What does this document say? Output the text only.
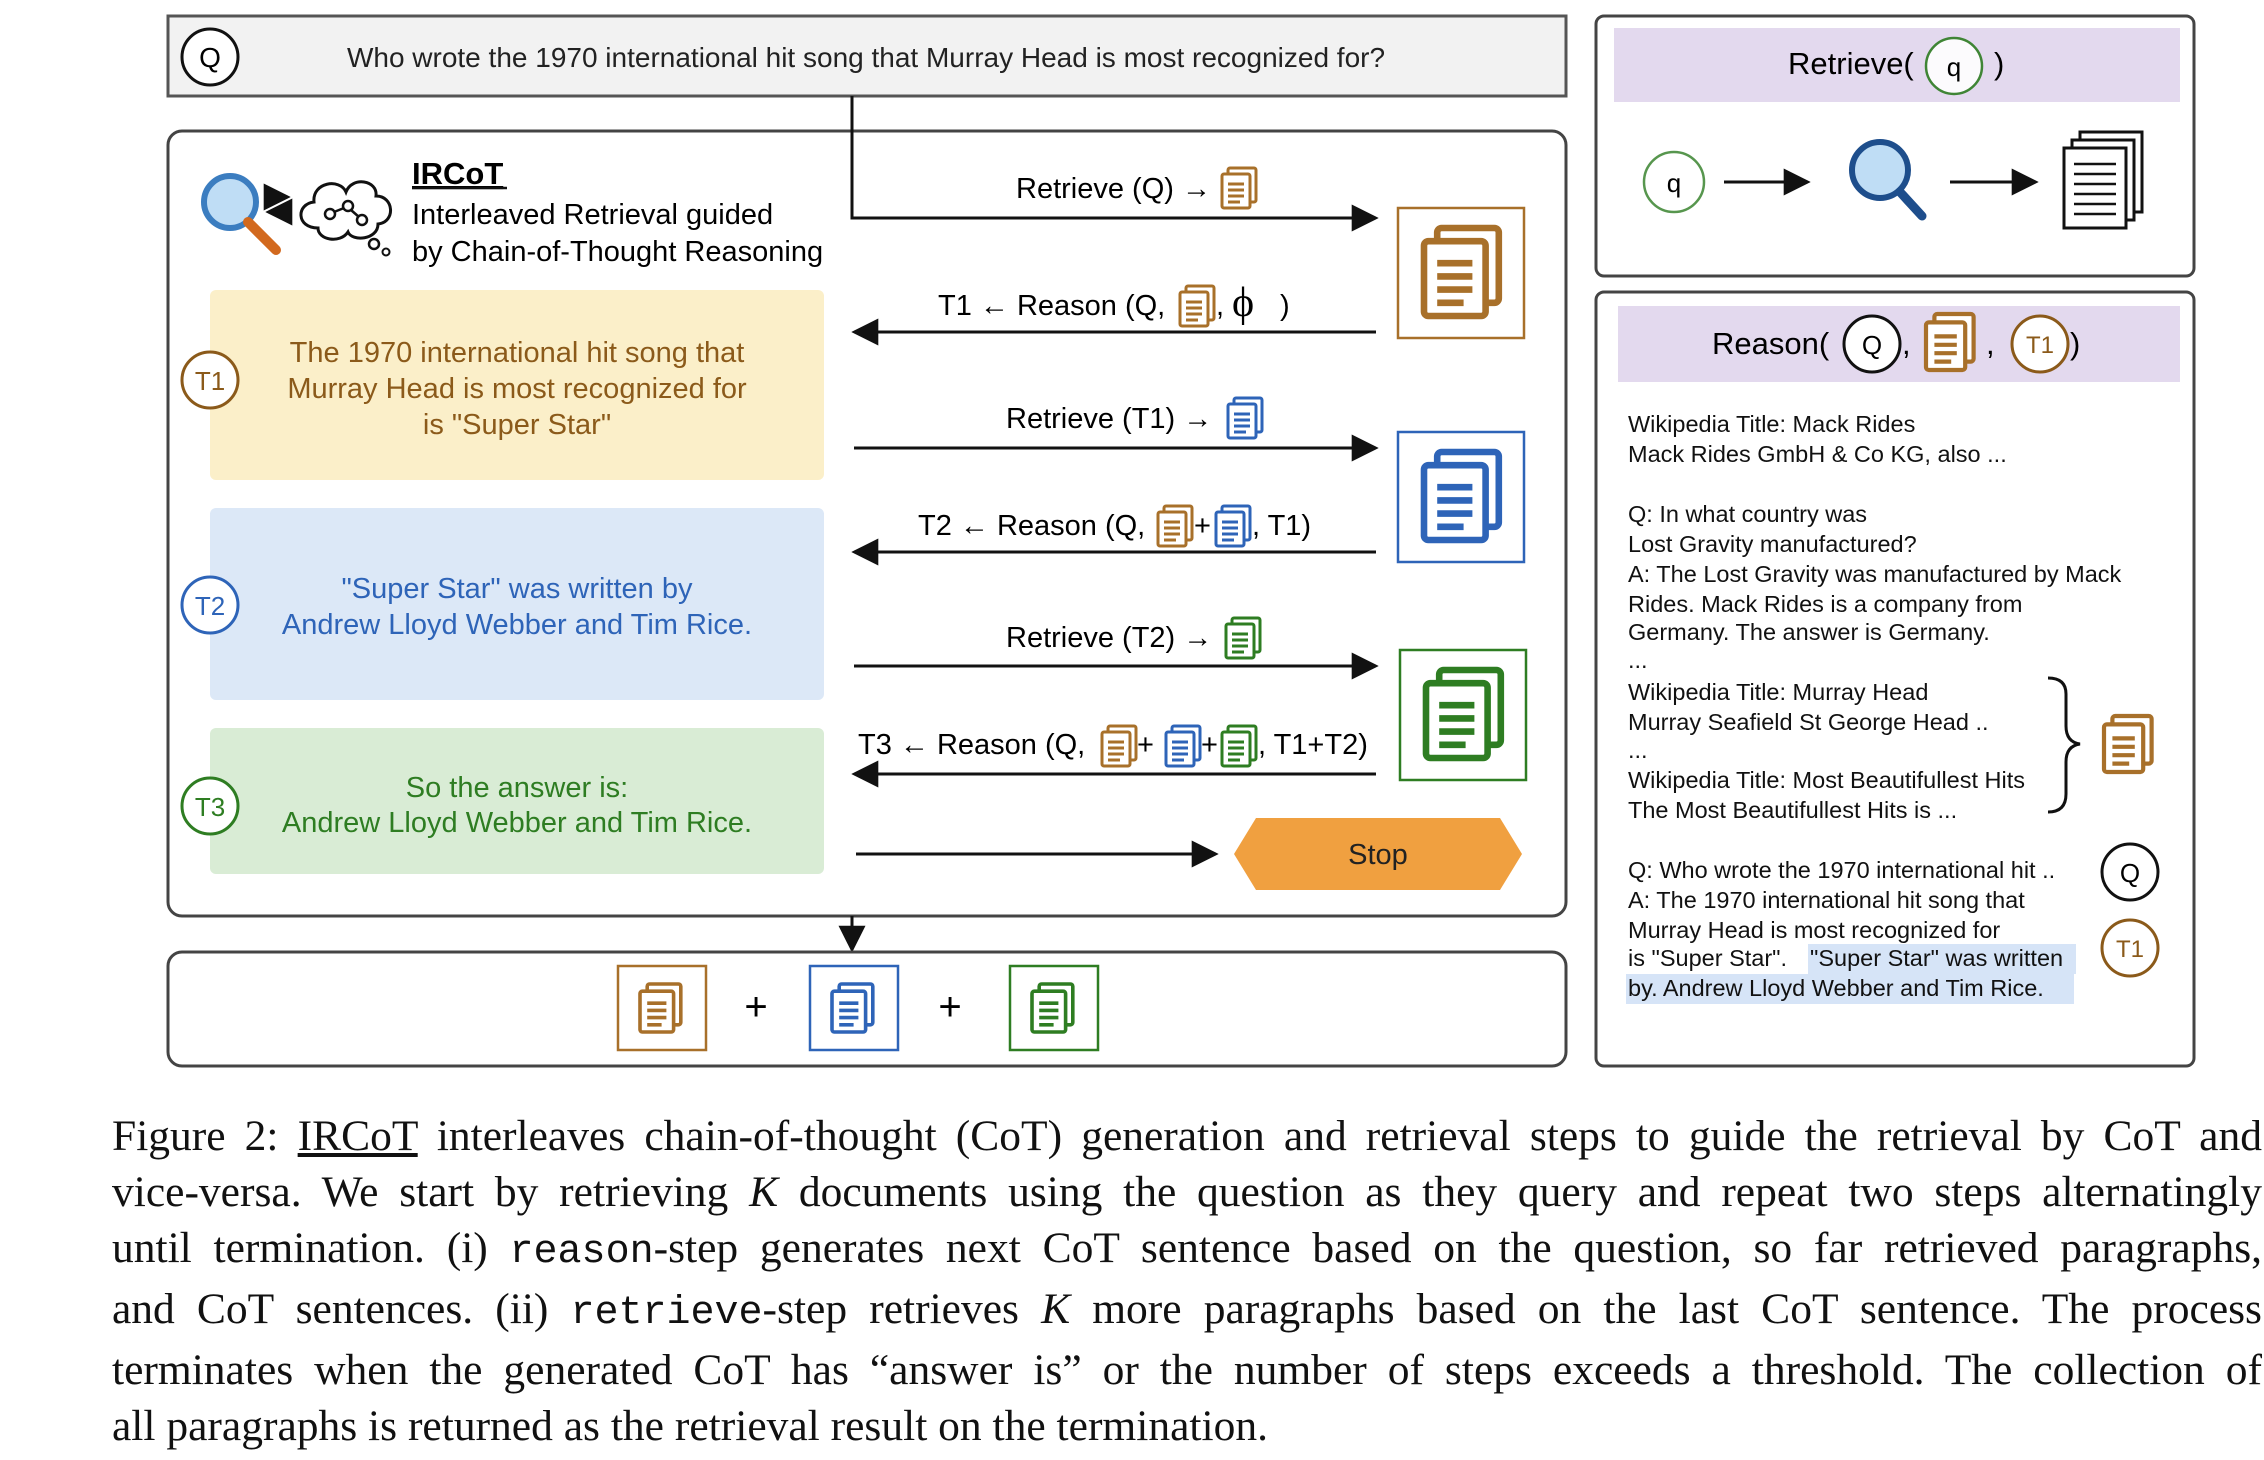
Q	Who wrote the 1970 international hit song that Murray Head is most recognized for?
IRCoT
Interleaved Retrieval guided
by Chain-of-Thought Reasoning
T1
The 1970 international hit song that
Murray Head is most recognized for
is "Super Star"
T2
"Super Star" was written by
Andrew Lloyd Webber and Tim Rice.
T3
So the answer is:
Andrew Lloyd Webber and Tim Rice.
Retrieve (Q) →
T1 ← Reason (Q, , ϕ )
Retrieve (T1) →
T2 ← Reason (Q, + , T1)
Retrieve (T2) →
T3 ← Reason (Q, + + , T1+T2)
Stop
+	+
Retrieve( q )
q
Reason( Q , , T1 )
Wikipedia Title: Mack Rides
Mack Rides GmbH & Co KG, also ...
Q: In what country was
Lost Gravity manufactured?
A: The Lost Gravity was manufactured by Mack
Rides. Mack Rides is a company from
Germany. The answer is Germany.
...
Wikipedia Title: Murray Head
Murray Seafield St George Head ..
...
Wikipedia Title: Most Beautifullest Hits
The Most Beautifullest Hits is ...
Q: Who wrote the 1970 international hit ..
A: The 1970 international hit song that
Murray Head is most recognized for
is "Super Star". "Super Star" was written
by. Andrew Lloyd Webber and Tim Rice.
Q
T1
Figure 2: IRCoT interleaves chain-of-thought (CoT) generation and retrieval steps to guide the retrieval by CoT and
vice-versa. We start by retrieving K documents using the question as they query and repeat two steps alternatingly
until termination. (i) reason-step generates next CoT sentence based on the question, so far retrieved paragraphs,
and CoT sentences. (ii) retrieve-step retrieves K more paragraphs based on the last CoT sentence. The process
terminates when the generated CoT has “answer is” or the number of steps exceeds a threshold. The collection of
all paragraphs is returned as the retrieval result on the termination.
